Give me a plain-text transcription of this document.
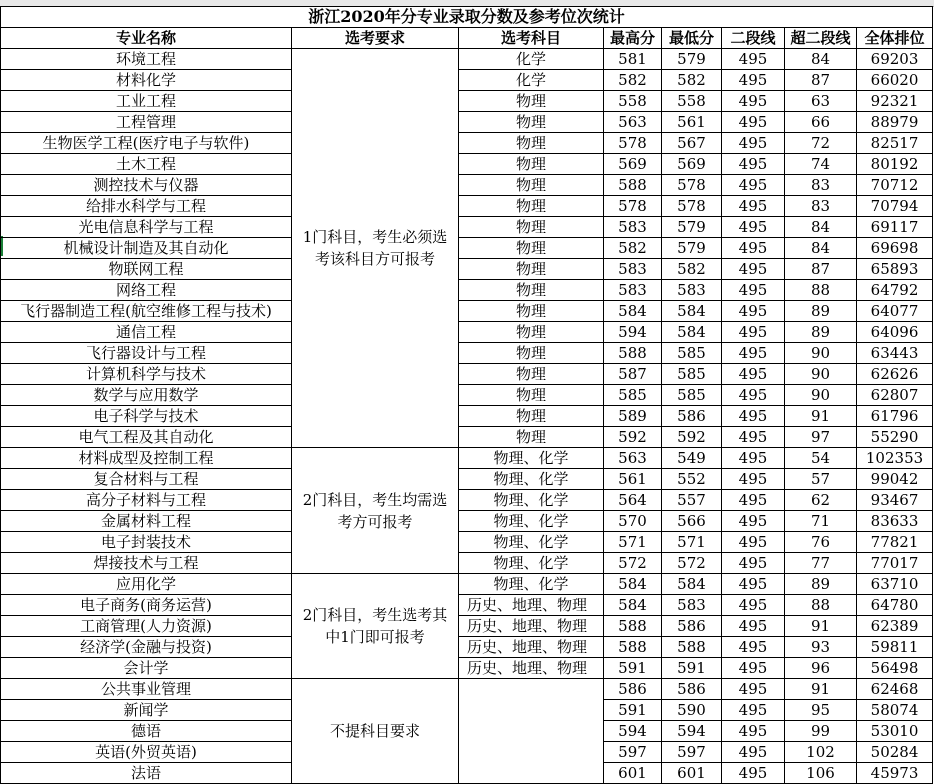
浙江2020年分专业录取分数及参考位次统计							
专业名称	选考要求	选考科目	最高分	最低分	二段线	超二段线	全体排位
环境工程	1门科目，考生必须选考该科目方可报考	化学	581	579	495	84	69203
材料化学		化学	582	582	495	87	66020
工业工程		物理	558	558	495	63	92321
工程管理		物理	563	561	495	66	88979
生物医学工程(医疗电子与软件)		物理	578	567	495	72	82517
土木工程		物理	569	569	495	74	80192
测控技术与仪器		物理	588	578	495	83	70712
给排水科学与工程		物理	578	578	495	83	70794
光电信息科学与工程		物理	583	579	495	84	69117
机械设计制造及其自动化		物理	582	579	495	84	69698
物联网工程		物理	583	582	495	87	65893
网络工程		物理	583	583	495	88	64792
飞行器制造工程(航空维修工程与技术)		物理	584	584	495	89	64077
通信工程		物理	594	584	495	89	64096
飞行器设计与工程		物理	588	585	495	90	63443
计算机科学与技术		物理	587	585	495	90	62626
数学与应用数学		物理	585	585	495	90	62807
电子科学与技术		物理	589	586	495	91	61796
电气工程及其自动化		物理	592	592	495	97	55290
材料成型及控制工程	2门科目，考生均需选考方可报考	物理、化学	563	549	495	54	102353
复合材料与工程		物理、化学	561	552	495	57	99042
高分子材料与工程		物理、化学	564	557	495	62	93467
金属材料工程		物理、化学	570	566	495	71	83633
电子封装技术		物理、化学	571	571	495	76	77821
焊接技术与工程		物理、化学	572	572	495	77	77017
应用化学	2门科目，考生选考其中1门即可报考	物理、化学	584	584	495	89	63710
电子商务(商务运营)		历史、地理、物理	584	583	495	88	64780
工商管理(人力资源)		历史、地理、物理	588	586	495	91	62389
经济学(金融与投资)		历史、地理、物理	588	588	495	93	59811
会计学		历史、地理、物理	591	591	495	96	56498
公共事业管理	不提科目要求		586	586	495	91	62468
新闻学			591	590	495	95	58074
德语			594	594	495	99	53010
英语(外贸英语)			597	597	495	102	50284
法语			601	601	495	106	45973
